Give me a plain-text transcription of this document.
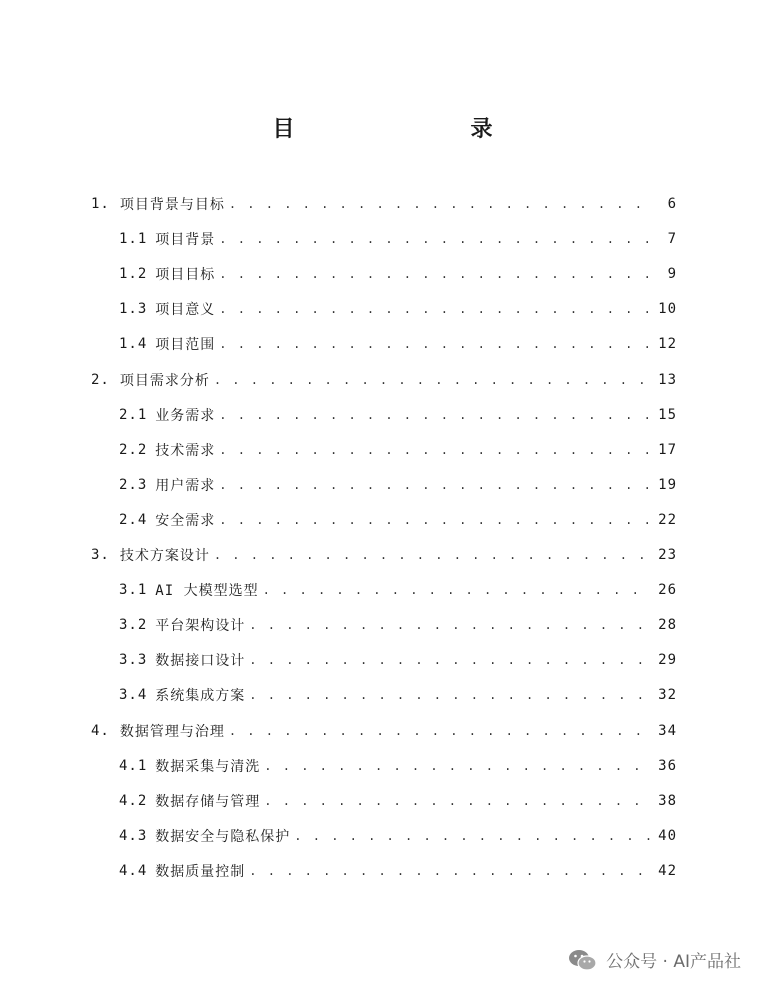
目　　录
1. 项目背景与目标 . . .	6
1.1 项目背景 . . .	7
1.2 项目目标 . . .	9
1.3 项目意义 . . .	10
1.4 项目范围 . . .	12
2. 项目需求分析 . . .	13
2.1 业务需求 . . .	15
2.2 技术需求 . . .	17
2.3 用户需求 . . .	19
2.4 安全需求 . . .	22
3. 技术方案设计 . . .	23
3.1 AI 大模型选型 . . .	26
3.2 平台架构设计 . . .	28
3.3 数据接口设计 . . .	29
3.4 系统集成方案 . . .	32
4. 数据管理与治理 . . .	34
4.1 数据采集与清洗 . . .	36
4.2 数据存储与管理 . . .	38
4.3 数据安全与隐私保护 . . .	40
4.4 数据质量控制 . . .	42
公众号 · AI产品社
